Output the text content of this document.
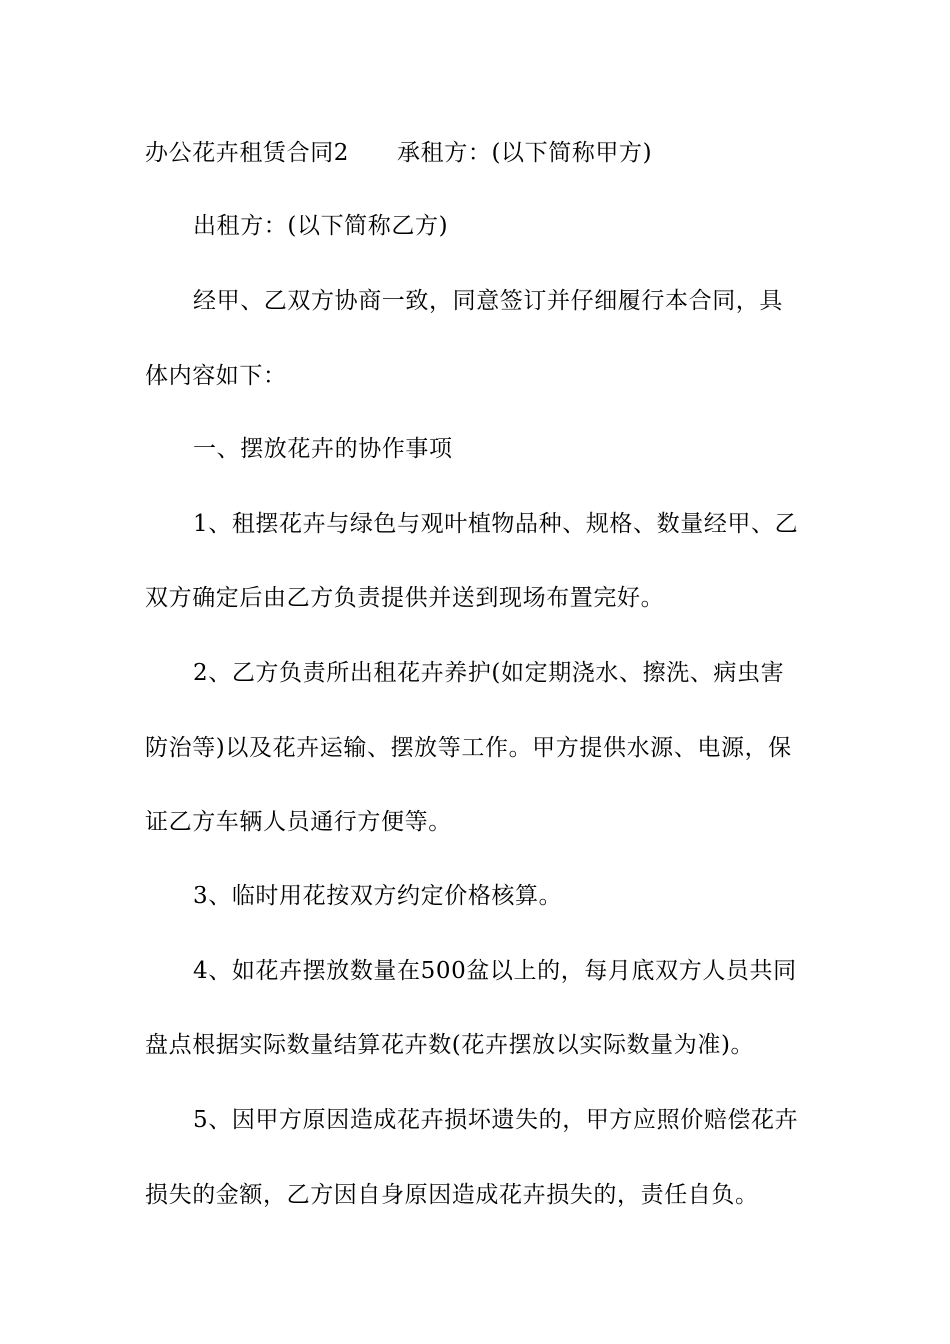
办公花卉租赁合同2 承租方：(以下简称甲方)
出租方：(以下简称乙方)
经甲、乙双方协商一致，同意签订并仔细履行本合同，具
体内容如下：
一、摆放花卉的协作事项
1、租摆花卉与绿色与观叶植物品种、规格、数量经甲、乙
双方确定后由乙方负责提供并送到现场布置完好。
2、乙方负责所出租花卉养护(如定期浇水、擦洗、病虫害
防治等)以及花卉运输、摆放等工作。甲方提供水源、电源，保
证乙方车辆人员通行方便等。
3、临时用花按双方约定价格核算。
4、如花卉摆放数量在500盆以上的，每月底双方人员共同
盘点根据实际数量结算花卉数(花卉摆放以实际数量为准)。
5、因甲方原因造成花卉损坏遗失的，甲方应照价赔偿花卉
损失的金额，乙方因自身原因造成花卉损失的，责任自负。
